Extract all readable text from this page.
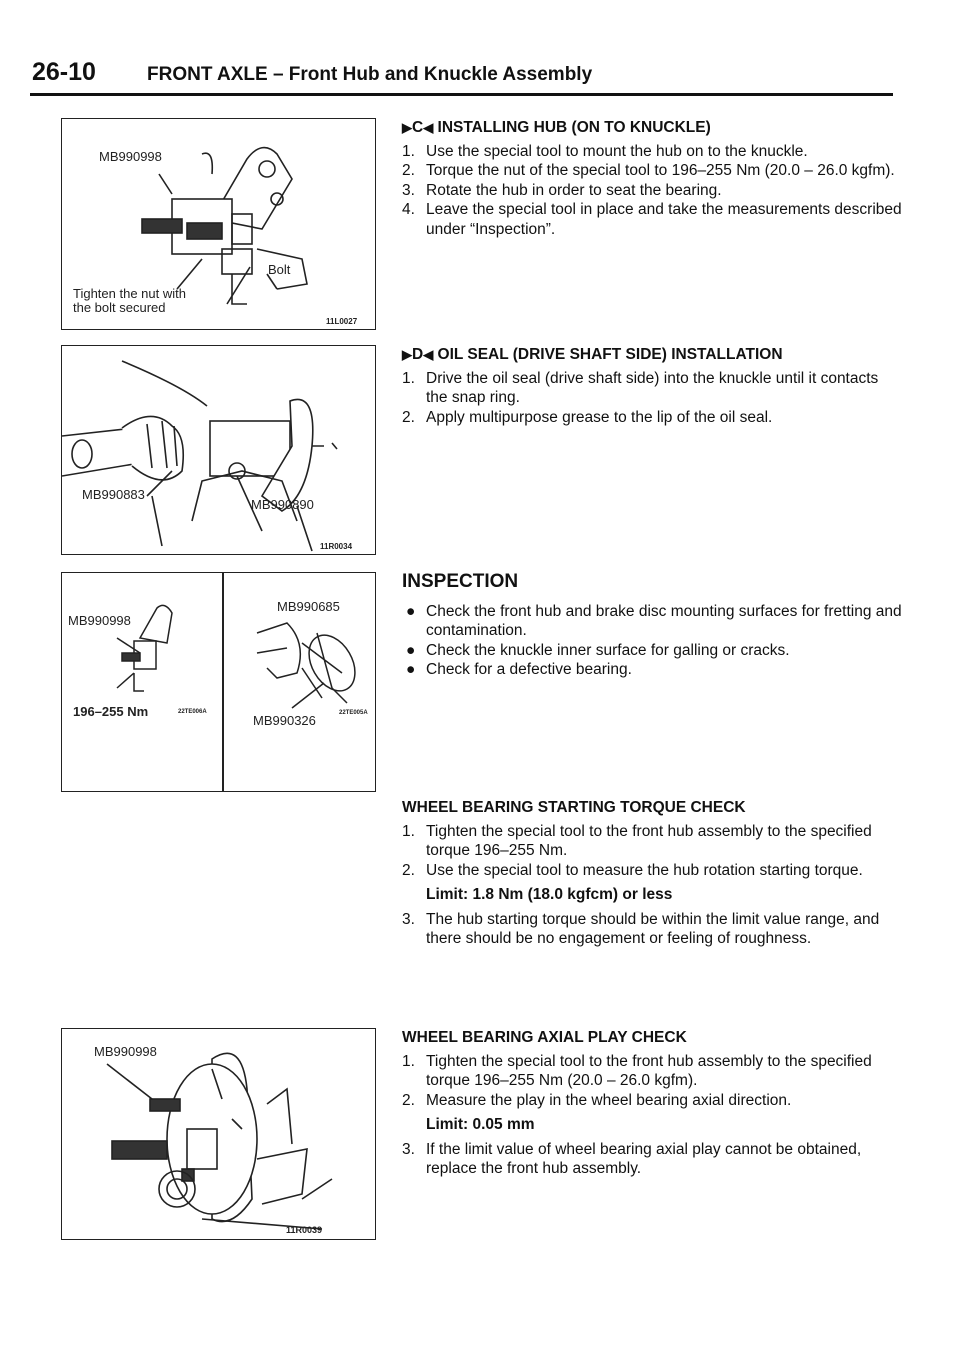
26-10	FRONT AXLE – Front Hub and Knuckle Assembly
MB990998
Bolt
Tighten the nut with
the bolt secured
11L0027
MB990883
MB990890
11R0034
MB990998
196–255 Nm	22TE006A
MB990685
MB990326	22TE005A
MB990998
11R0039
▶C◀ INSTALLING HUB (ON TO KNUCKLE)
1. Use the special tool to mount the hub on to the knuckle.
2. Torque the nut of the special tool to 196–255 Nm (20.0 – 26.0 kgfm).
3. Rotate the hub in order to seat the bearing.
4. Leave the special tool in place and take the measurements described under “Inspection”.
▶D◀ OIL SEAL (DRIVE SHAFT SIDE) INSTALLATION
1. Drive the oil seal (drive shaft side) into the knuckle until it contacts the snap ring.
2. Apply multipurpose grease to the lip of the oil seal.
INSPECTION
● Check the front hub and brake disc mounting surfaces for fretting and contamination.
● Check the knuckle inner surface for galling or cracks.
● Check for a defective bearing.
WHEEL BEARING STARTING TORQUE CHECK
1. Tighten the special tool to the front hub assembly to the specified torque 196–255 Nm.
2. Use the special tool to measure the hub rotation starting torque.
Limit: 1.8 Nm (18.0 kgfcm) or less
3. The hub starting torque should be within the limit value range, and there should be no engagement or feeling of roughness.
WHEEL BEARING AXIAL PLAY CHECK
1. Tighten the special tool to the front hub assembly to the specified torque 196–255 Nm (20.0 – 26.0 kgfm).
2. Measure the play in the wheel bearing axial direction.
Limit: 0.05 mm
3. If the limit value of wheel bearing axial play cannot be obtained, replace the front hub assembly.
